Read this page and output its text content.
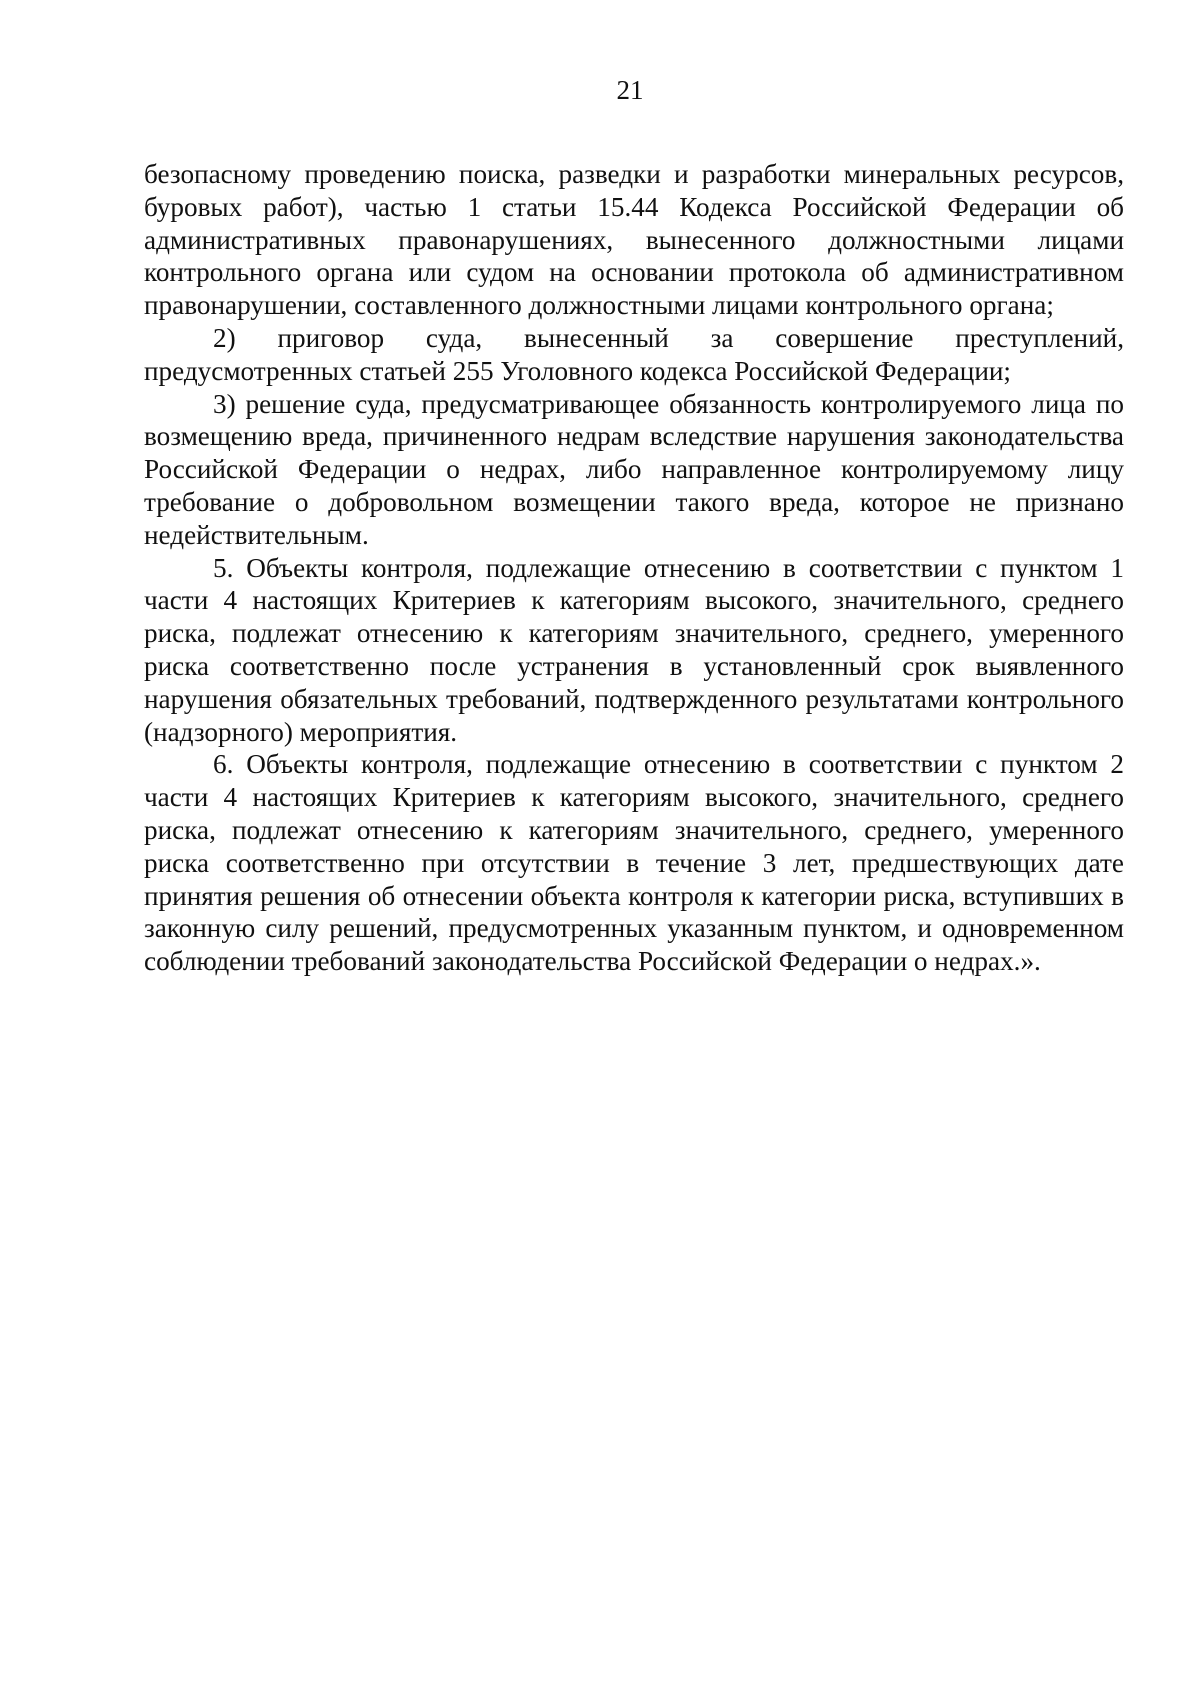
21

безопасному проведению поиска, разведки и разработки минеральных ресурсов, буровых работ), частью 1 статьи 15.44 Кодекса Российской Федерации об административных правонарушениях, вынесенного должностными лицами контрольного органа или судом на основании протокола об административном правонарушении, составленного должностными лицами контрольного органа;

2) приговор суда, вынесенный за совершение преступлений, предусмотренных статьей 255 Уголовного кодекса Российской Федерации;

3) решение суда, предусматривающее обязанность контролируемого лица по возмещению вреда, причиненного недрам вследствие нарушения законодательства Российской Федерации о недрах, либо направленное контролируемому лицу требование о добровольном возмещении такого вреда, которое не признано недействительным.

5. Объекты контроля, подлежащие отнесению в соответствии с пунктом 1 части 4 настоящих Критериев к категориям высокого, значительного, среднего риска, подлежат отнесению к категориям значительного, среднего, умеренного риска соответственно после устранения в установленный срок выявленного нарушения обязательных требований, подтвержденного результатами контрольного (надзорного) мероприятия.

6. Объекты контроля, подлежащие отнесению в соответствии с пунктом 2 части 4 настоящих Критериев к категориям высокого, значительного, среднего риска, подлежат отнесению к категориям значительного, среднего, умеренного риска соответственно при отсутствии в течение 3 лет, предшествующих дате принятия решения об отнесении объекта контроля к категории риска, вступивших в законную силу решений, предусмотренных указанным пунктом, и одновременном соблюдении требований законодательства Российской Федерации о недрах.».
